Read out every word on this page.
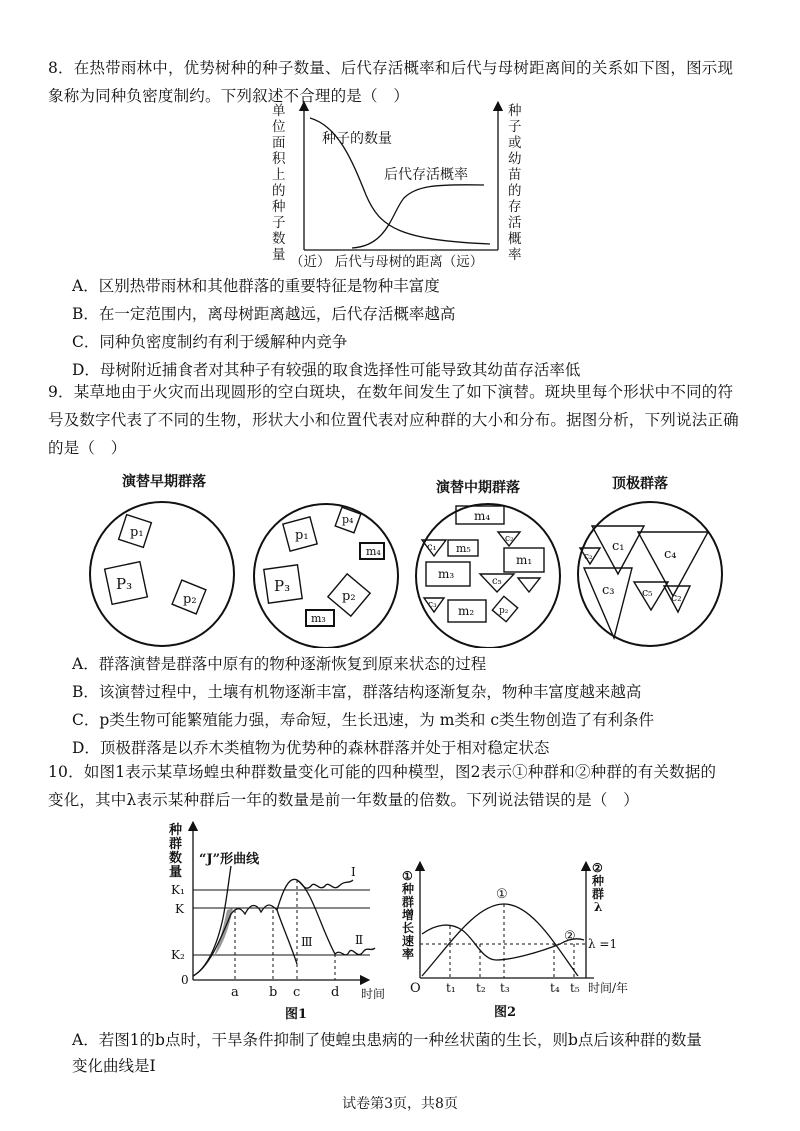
8．在热带雨林中，优势树种的种子数量、后代存活概率和后代与母树距离间的关系如下图，图示现
象称为同种负密度制约。下列叙述不合理的是（　）
单
位
面
积
上
的
种
子
数
量
种
子
或
幼
苗
的
存
活
概
率
种子的数量
后代存活概率
（近） 后代与母树的距离（远）
A．区别热带雨林和其他群落的重要特征是物种丰富度
B．在一定范围内，离母树距离越远，后代存活概率越高
C．同种负密度制约有利于缓解种内竞争
D．母树附近捕食者对其种子有较强的取食选择性可能导致其幼苗存活率低
9．某草地由于火灾而出现圆形的空白斑块，在数年间发生了如下演替。斑块里每个形状中不同的符
号及数字代表了不同的生物，形状大小和位置代表对应种群的大小和分布。据图分析，下列说法正确
的是（　）
演替早期群落	演替中期群落	顶极群落
p₁
P₃
p₂
p₁
p₄
m₄
P₃
p₂
m₃
m₄
c₁ m₅
c₂
m₁
m₃
c₅
c₃ m₂	p₂
c₁
c₄
c₂
c₃	c₅ c₂
A．群落演替是群落中原有的物种逐渐恢复到原来状态的过程
B．该演替过程中，土壤有机物逐渐丰富，群落结构逐渐复杂，物种丰富度越来越高
C．p类生物可能繁殖能力强，寿命短，生长迅速，为 m类和 c类生物创造了有利条件
D．顶极群落是以乔木类植物为优势种的森林群落并处于相对稳定状态
10．如图1表示某草场蝗虫种群数量变化可能的四种模型，图2表示①种群和②种群的有关数据的
变化，其中λ表示某种群后一年的数量是前一年数量的倍数。下列说法错误的是（　）
种
群
数
量
“J”形曲线
K₁
K
K₂
0
Ⅰ
Ⅱ
Ⅲ
a b c d 时间
图1
①
种
群
增
长
速
率
②
种
群
λ
λ =1
①
②
O t₁ t₂ t₃	t₄ t₅ 时间/年
图2
A．若图1的b点时，干旱条件抑制了使蝗虫患病的一种丝状菌的生长，则b点后该种群的数量
变化曲线是Ⅰ
试卷第3页，共8页
